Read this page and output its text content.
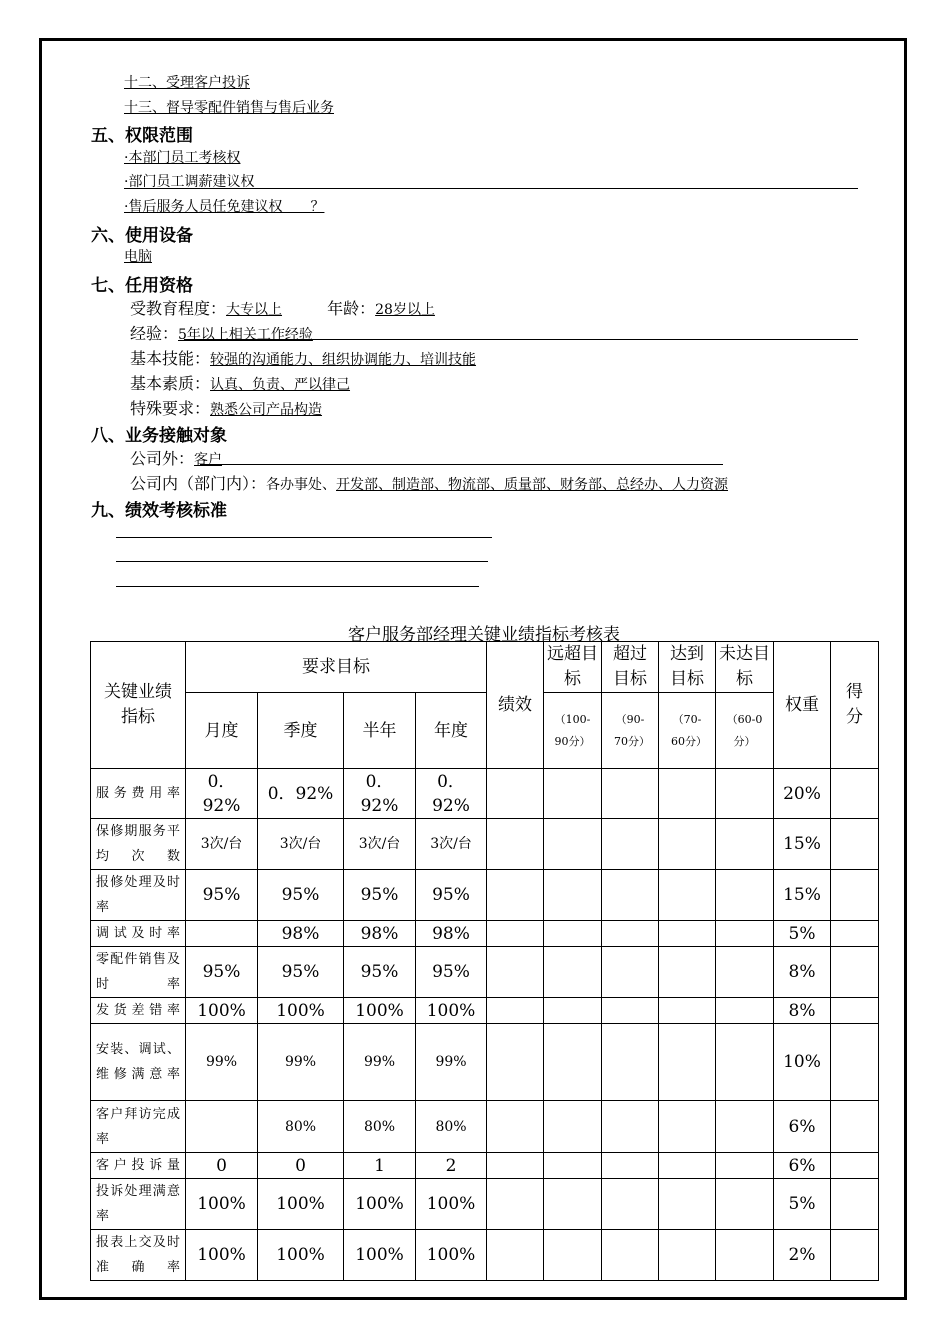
十二、受理客户投诉
十三、督导零配件销售与售后业务
五、权限范围
·本部门员工考核权
·部门员工调薪建议权
·售后服务人员任免建议权　　？
六、使用设备
电脑
七、任用资格
受教育程度：大专以上	年龄：28岁以上
经验：5年以上相关工作经验
基本技能：较强的沟通能力、组织协调能力、培训技能
基本素质：认真、负责、严以律己
特殊要求：熟悉公司产品构造
八、业务接触对象
公司外：客户
公司内（部门内）：各办事处、开发部、制造部、物流部、质量部、财务部、总经办、人力资源
九、绩效考核标准
客户服务部经理关键业绩指标考核表
关键业绩指标	要求目标				绩效	远超目标	超过目标	达到目标	未达目标	权重	得分
	月度	季度	半年	年度		（100-90分）	（90-70分）	（70-60分）	（60-0分）		
服务费用率	0．92%	0．92%	0．92%	0．92%						20%	
保修期服务平均次数	3次/台	3次/台	3次/台	3次/台						15%	
报修处理及时率	95%	95%	95%	95%						15%	
调试及时率		98%	98%	98%						5%	
零配件销售及时率	95%	95%	95%	95%						8%	
发货差错率	100%	100%	100%	100%						8%	
安装、调试、维修满意率	99%	99%	99%	99%						10%	
客户拜访完成率		80%	80%	80%						6%	
客户投诉量	0	0	1	2						6%	
投诉处理满意率	100%	100%	100%	100%						5%	
报表上交及时准确率	100%	100%	100%	100%						2%	
